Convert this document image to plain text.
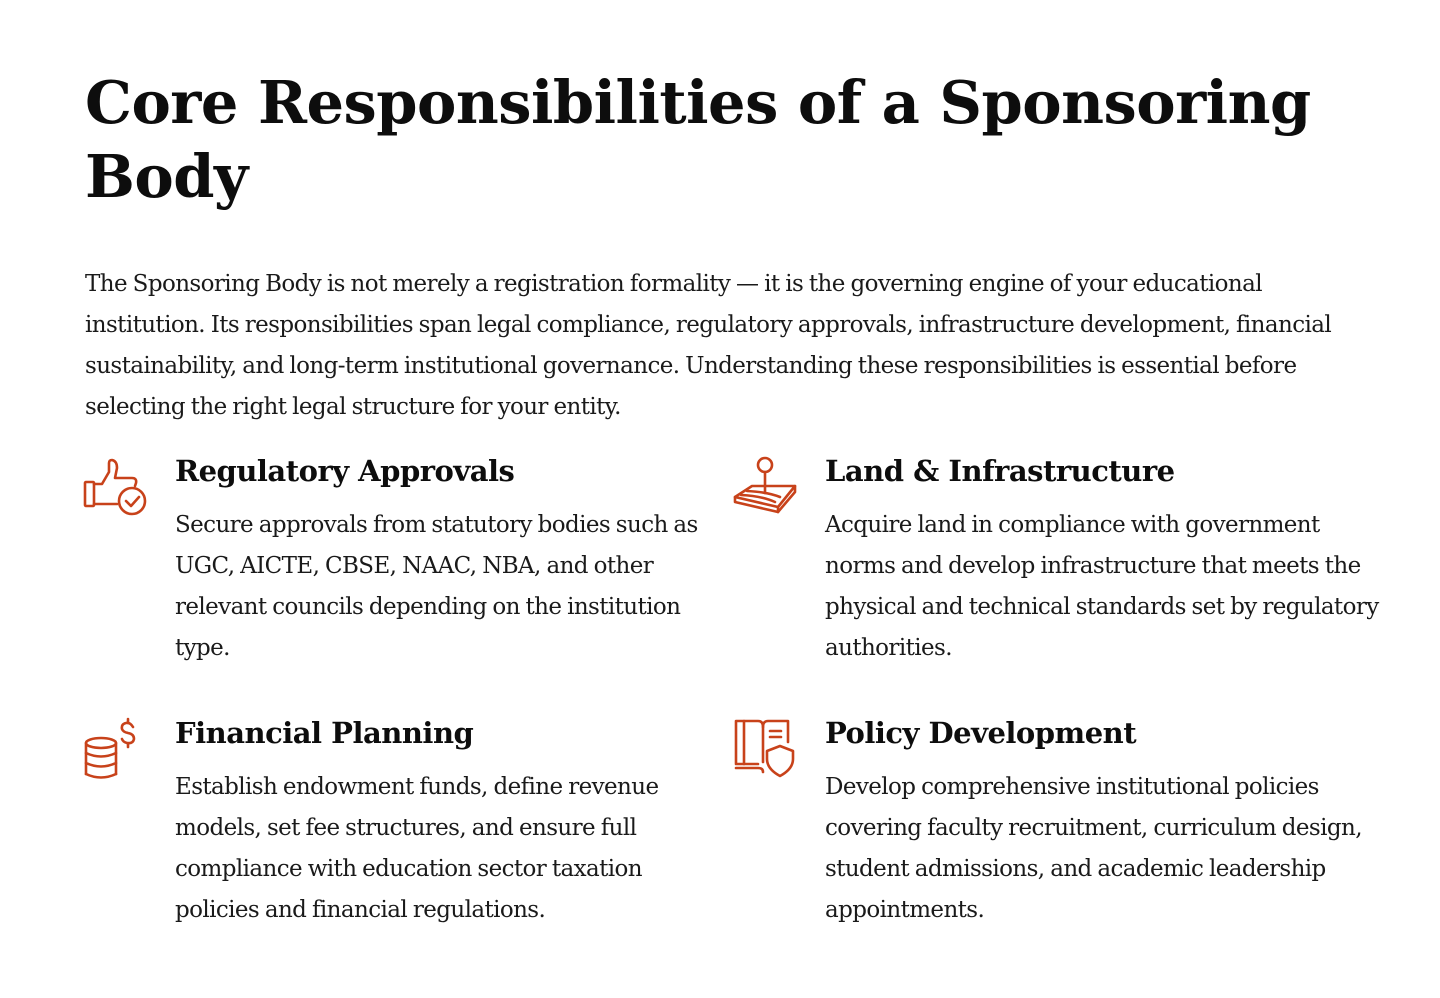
Core Responsibilities of a Sponsoring Body

The Sponsoring Body is not merely a registration formality — it is the governing engine of your educational institution. Its responsibilities span legal compliance, regulatory approvals, infrastructure development, financial sustainability, and long-term institutional governance. Understanding these responsibilities is essential before selecting the right legal structure for your entity.

Regulatory Approvals

Secure approvals from statutory bodies such as UGC, AICTE, CBSE, NAAC, NBA, and other relevant councils depending on the institution type.

Land & Infrastructure

Acquire land in compliance with government norms and develop infrastructure that meets the physical and technical standards set by regulatory authorities.

Financial Planning

Establish endowment funds, define revenue models, set fee structures, and ensure full compliance with education sector taxation policies and financial regulations.

Policy Development

Develop comprehensive institutional policies covering faculty recruitment, curriculum design, student admissions, and academic leadership appointments.
